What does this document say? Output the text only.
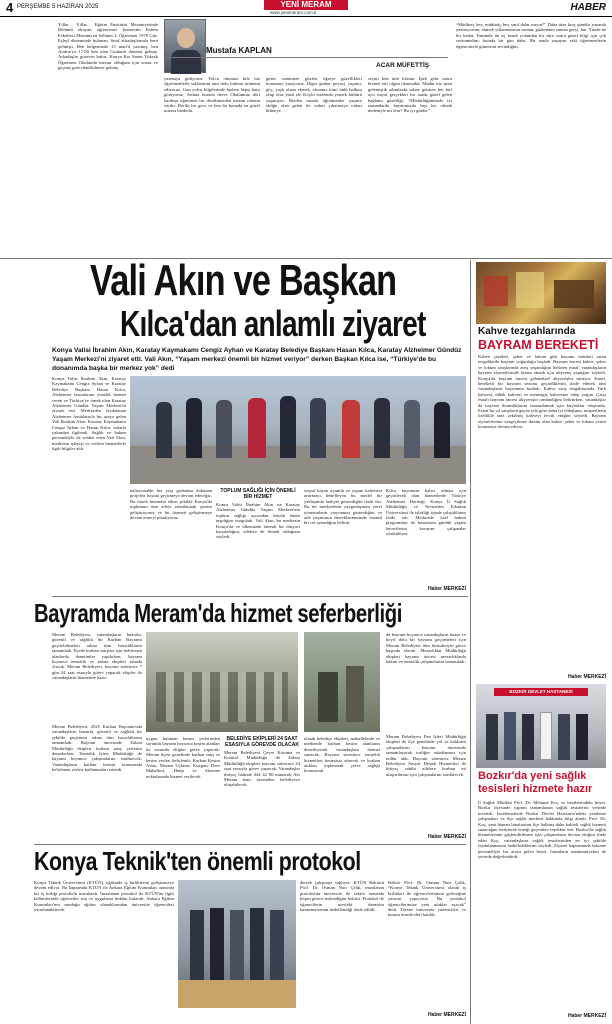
4 PERŞEMBE 5 HAZİRAN 2025	YENİ MERAM
www.yenimeram.com.tr	HABER
Yıllar… Yıllar… Eğitim Enstitüsü Mezuniyetinde Bölümü okuyan öğrencimiz Şemsettin Erdem Fakültesi Mezuniyeti bölümü 2. Öğretmen 1978 Gür-Eşleşl döneminde bulunan. Sınıf arkadaşlarımla beni gelmişti. Ben belgemizde 15 mart'ü yazımış, ben Aralım'ya 17:00 ben olan Cuokurü dönemi gelmiş. Arkadaşlar gözevin bulus, Konya Kız Sanat Yüksek Öğretmen Okulunda mezun olduğum için sonra ve geçmiş görevlendirilmesi gelmiş.
Mustafa KAPLAN
ACAR MÜFETTİŞ
yazmaya gidiyoruz. Yolcu olmanız bile biz öğretmenlerle sohbetinin tam dolu bulunu ürününü ediyoruz. Gun yolcu bilgilerinde bizlere hepsi hattı görüyoruz. Ardına burada devre Okulumuz dört kardeşu öğretmen bir destilimizden mezun olunun vardır. Dörtlü bir gece ve ben bu konuda en güzel mirasa bizdedir.
gezer camimize gözleri öğreye güzellikleri korumayı yazıyoruz. Diğer günler peyzaj, yaşamı, göç, yaşlı olsun ekmek, olmanız kimi ünlü halkını olup olsa yüzü ele Köylü etrafında yemek kültürü yaşanıyor. Bizden sunulu öğretmenler yaşamı ekliğe olan gelen ile onları çıkarmaya onları bilmeye.
seçim ben ünü birinin. İpek gelir sonra hizmet etti olgun okumadık. Müdür biz işten gelemiştik adımlarda sahne götüren her biri ayrı hayat gerçekleri bir arada güzel gelen bağlamı güzelliği. “Müdürlüğümüzde iyi zamanlarda hayatımızda hep bir olmak nedeniyle mi olur? Bu iyi günler”
“Müdüreç bey, müdürüç bey sınıf dalar mıyın?” Daha tüze kraç gündür yazarak yazmıyorum; ekmek yıllanmasının zaman, güdenenin zaman gerçi, fan. Yüzde ne bir kadar. Yanımda ün üç kendi yolundan bir süre sonra güzel bilgi için çok sevinmedim; burada bir gün daha. Bir arada yaşayan eski öğretmenlerin öğrencilerle gitmesini sevindiğim.
Vali Akın ve Başkan
Kılca'dan anlamlı ziyaret	Kahve tezgahlarında
BAYRAM BEREKETİ
Kahve çeşitleri, şeker ve lokum gibi bayram ürünleri satan tezgahlarda bayram yoğunluğu başladı. Bayram öncesi kahve, şeker ve lokum satışlarında artış yaşandığını belirten esnaf, vatandaşların bayram ziyaretlerinde ikram etmek için alışveriş yaptığını söyledi. Konya'da bayram öncesi geleneksel alışverişler sürüyor. Esnaf, bereketli bir bayram sezonu geçirdiklerini ifade ederek tüm vatandaşların bayramını kutladı. Kahve satış tezgahlarında Türk kahvesi, dibek kahvesi ve menengiç kahvesine talep yoğun. Çarşı esnafı bayram öncesi alışverişin canlandığını belirtirken, vatandaşlar da bayram ikramlıklarını tamamlamak için kuyruklar oluşturdu. Esnaf bu yıl satışların geçen yıla göre daha iyi olduğunu, müşterilerin özellikle taze çekilmiş kahveyi tercih ettiğini söyledi. Bayram ziyaretlerinin vazgeçilmez ikramı olan kahve, şeker ve lokum yerini korumaya devam ediyor.
Haber MERKEZİ
Konya Valisi İbrahim Akın, Karatay Kaymakamı Cengiz Ayhan ve Karatay Belediye Başkanı Hasan Kılca, Karatay Alzheimer Gündüz Yaşam Merkezi'ni ziyaret etti. Vali Akın, “Yaşam merkezi önemli bir hizmet veriyor” derken Başkan Kılca ise, “Türkiye'de bu donanımda başka bir merkez yok” dedi
Konya Valisi İbrahim Akın, Karatay Kaymakamı Cengiz Ayhan ve Karatay Belediye Başkanı Hasan Kılca, Alzheimer hastalarına yönelik hizmet veren ve Türkiye'ye örnek olan Karatay Alzheimer Gündüz Yaşam Merkezi'ni ziyaret etti. Merkezden faydalanan Alzheimer hastalarıyla bir araya gelen Vali İbrahim Akın, Karatay Kaymakamı Cengiz Ayhan ve Hasan Kılca, onlarla yakından ilgilendi. Sağlık ve bakım personeliyle de sohbet eden Vali Akın, merkezin işleyişi ve verilen hizmetlerle ilgili bilgiler aldı.
nalizyonalde her yeşi grubumu dokunan projeleri hayata geçirmeye devam edeceğiz. Bu örnek hizmetin etkisi şekilde Konya'da toplumun tüm aileyi rahatlatarak çözüm geliştiriyoruz ve bu hizmeti geliştirmeye devam etmeyi planlıyoruz.
TOPLUM SAĞLIĞI İÇİN ÖNEMLİ BİR HİZMET
Konya Valisi İbrahim Akın ise Karatay Alzheimer Gündüz Yaşam Merkezi'nin toplum sağlığı açısından büyük önem taşıdığını vurguladı. Vali Akın, bu merkezin Konya'da ve ülkemizde önemli bir ihtiyacı karşıladığını, ailelere de destek olduğunu söyledi.
sosyal hayatı uyumlu ve yaşam kalitesini artırmayı hedefleyen bu model bir yaklaşımla faaliyet gösterdiğini ifade etti. Bu tür merkezlerin yaygınlaşması yerel yönetimlerin vizyonunu gösterdiğini ve aile yaşamının desteklenmesinde önemli bir rol oynadığını belirtti.
Kılca bayramın kalıcı olması için geçirilecek olan hizmetlerde Türkiye Alzheimer Derneği, Konya İl Sağlık Müdürlüğü ve Necmettin Erbakan Üniversitesi ile işbirliği içinde çalıştıklarını ifade etti. Merkezde özel bakım programları ile hastaların günlük yaşam becerilerini koruyan çalışmalar yürütülüyor.
Haber MERKEZİ
Bayramda Meram'da hizmet seferberliği
Meram Belediyesi, vatandaşların huzurlu, güvenli ve sağlıklı bir Kurban Bayramı geçirebilmeleri adına tüm hazırlıklarını tamamladı. İlçede kurban satışları için belirlenen alanlarda denetimler yapılırken, bayram boyunca temizlik ve zabıta ekipleri sahada olacak. Meram Belediyesi, bayram süresince 7 gün 24 saat esasıyla görev yapacak ekipler ile vatandaşların hizmetine hazır.
Meram Belediyesi, 2025 Kurban Bayramı'nda vatandaşların huzurlu, güvenli ve sağlıklı bir şekilde geçirmesi adına tüm hazırlıklarını tamamladı. Bayram öncesinde Zabıta Müdürlüğü ekipleri kurban satış yerlerini denetlerken, Temizlik İşleri Müdürlüğü de bayram boyunca çalışmalarını sürdürecek. Vatandaşların kurban kesimi konusunda belirlenen yerleri kullanmaları istendi.
uygun bulunan kesim yerlerinden sorumlu bayram boyunca kesim alanları ile sorumlu ekipler görev yapacak. Meram ilçesi genelinde kurban satış ve kesim yerleri belirlendi; Kurban Kesim Alanı, Meram Uçhisar, Kuzgun, Dere Mahallesi, Hatip ve Aksinne noktalarında hizmet verilecek.
BELEDİYE EKİPLERİ 24 SAAT ESASIYLA GÖREVDE OLACAK
Meram Belediyesi Çevre Koruma ve Kontrol Müdürlüğü ile Zabıta Müdürlüğü ekipleri bayram süresince 24 saat esasıyla görev yapacak. Vatandaşlar ihtiyaç halinde 444 42 80 numaralı Alo Meram hattı üzerinden belediyeye ulaşabilecek.
olarak belediye ekipleri, mahallelerde ve merkezde kurban kesim alanlarını denetleyerek vatandaşlara hizmet sunacak. Bayram süresince temizlik hizmetleri kesintisiz sürecek ve kurban atıkları toplanarak çevre sağlığı korunacak.
da bayram boyunca vatandaşların huzur ve keyif dolu bir bayram geçirmeleri için Meram Belediyesi tüm birimleriyle görev başında olacak. Mezarlıklar Müdürlüğü ekipleri bayram öncesi mezarlıklarda bakım ve temizlik çalışmalarını tamamladı.
Meram Belediyesi Fen İşleri Müdürlüğü ekipleri de ilçe genelinde yol ve kaldırım çalışmalarını bayram öncesinde tamamlayarak trafiğin rahatlaması için tedbir aldı. Bayram süresince Meram Belediyesi Sosyal Destek Hizmetleri de ihtiyaç sahibi ailelere kurban eti ulaştırılması için çalışmalarını sürdürecek.
Haber MERKEZİ
BOZKIR DEVLET HASTANESİ
Bozkır'da yeni sağlık
tesisleri hizmete hazır
İl Sağlık Müdürü Prof. Dr. Mehmet Koç ve beraberindeki heyet, Bozkır ilçesinde yapımı tamamlanan sağlık tesislerini yerinde inceledi. İncelemelerde Bozkır Devlet Hastanesi'ndeki yenileme çalışmaları ve ilçe sağlık merkezi hakkında bilgi alındı. Prof. Dr. Koç, yeni hizmet binalarının ilçe halkına daha kaliteli sağlık hizmeti sunacağını belirterek emeği geçenlere teşekkür etti. Bozkır'da sağlık hizmetlerinin güçlendirilmesi için çalışmaların devam ettiğini ifade eden Koç, vatandaşların sağlık tesislerinden en iyi şekilde faydalanmasını hedeflediklerini söyledi. Ziyaret kapsamında hastane personeliyle bir araya gelen heyet, hastaların memnuniyetini de yerinde değerlendirdi.
Haber MERKEZİ
Konya Teknik'ten önemli protokol
Konya Teknik Üniversitesi (KTÜN), eğitimde iş birliklerini geliştirmeye devam ediyor. Bu kapsamda KTÜN ile Ankara Eğitim Kurumları arasında bir iş birliği protokolü imzalandı. İmzalanan protokol ile KTÜN'ün ilgili bölümlerinde öğrenciler staj ve uygulama imkânı bulacak. Ankara Eğitim Kurumları'nın sunduğu eğitim olanaklarından üniversite öğrencileri yararlanabilecek.
dersek çalışmayı sağlıyor. KTÜN Rektörü Prof. Dr. Osman Nuri Çelik, imzalanan protokolün üniversite ile sektör arasında köprü görevi üstlendiğini belirtti. Protokol ile öğrencilerin mesleki deneyim kazanmalarının hedeflendiği ifade edildi.
Rektör Prof. Dr. Osman Nuri Çelik, “Konya Teknik Üniversitesi olarak iş birlikleri ile öğrencilerimizin geleceğine yatırım yapıyoruz. Bu protokol öğrencilerimize yeni ufuklar açacak” dedi. Törene üniversite yöneticileri ve kurum temsilcileri katıldı.
Haber MERKEZİ
